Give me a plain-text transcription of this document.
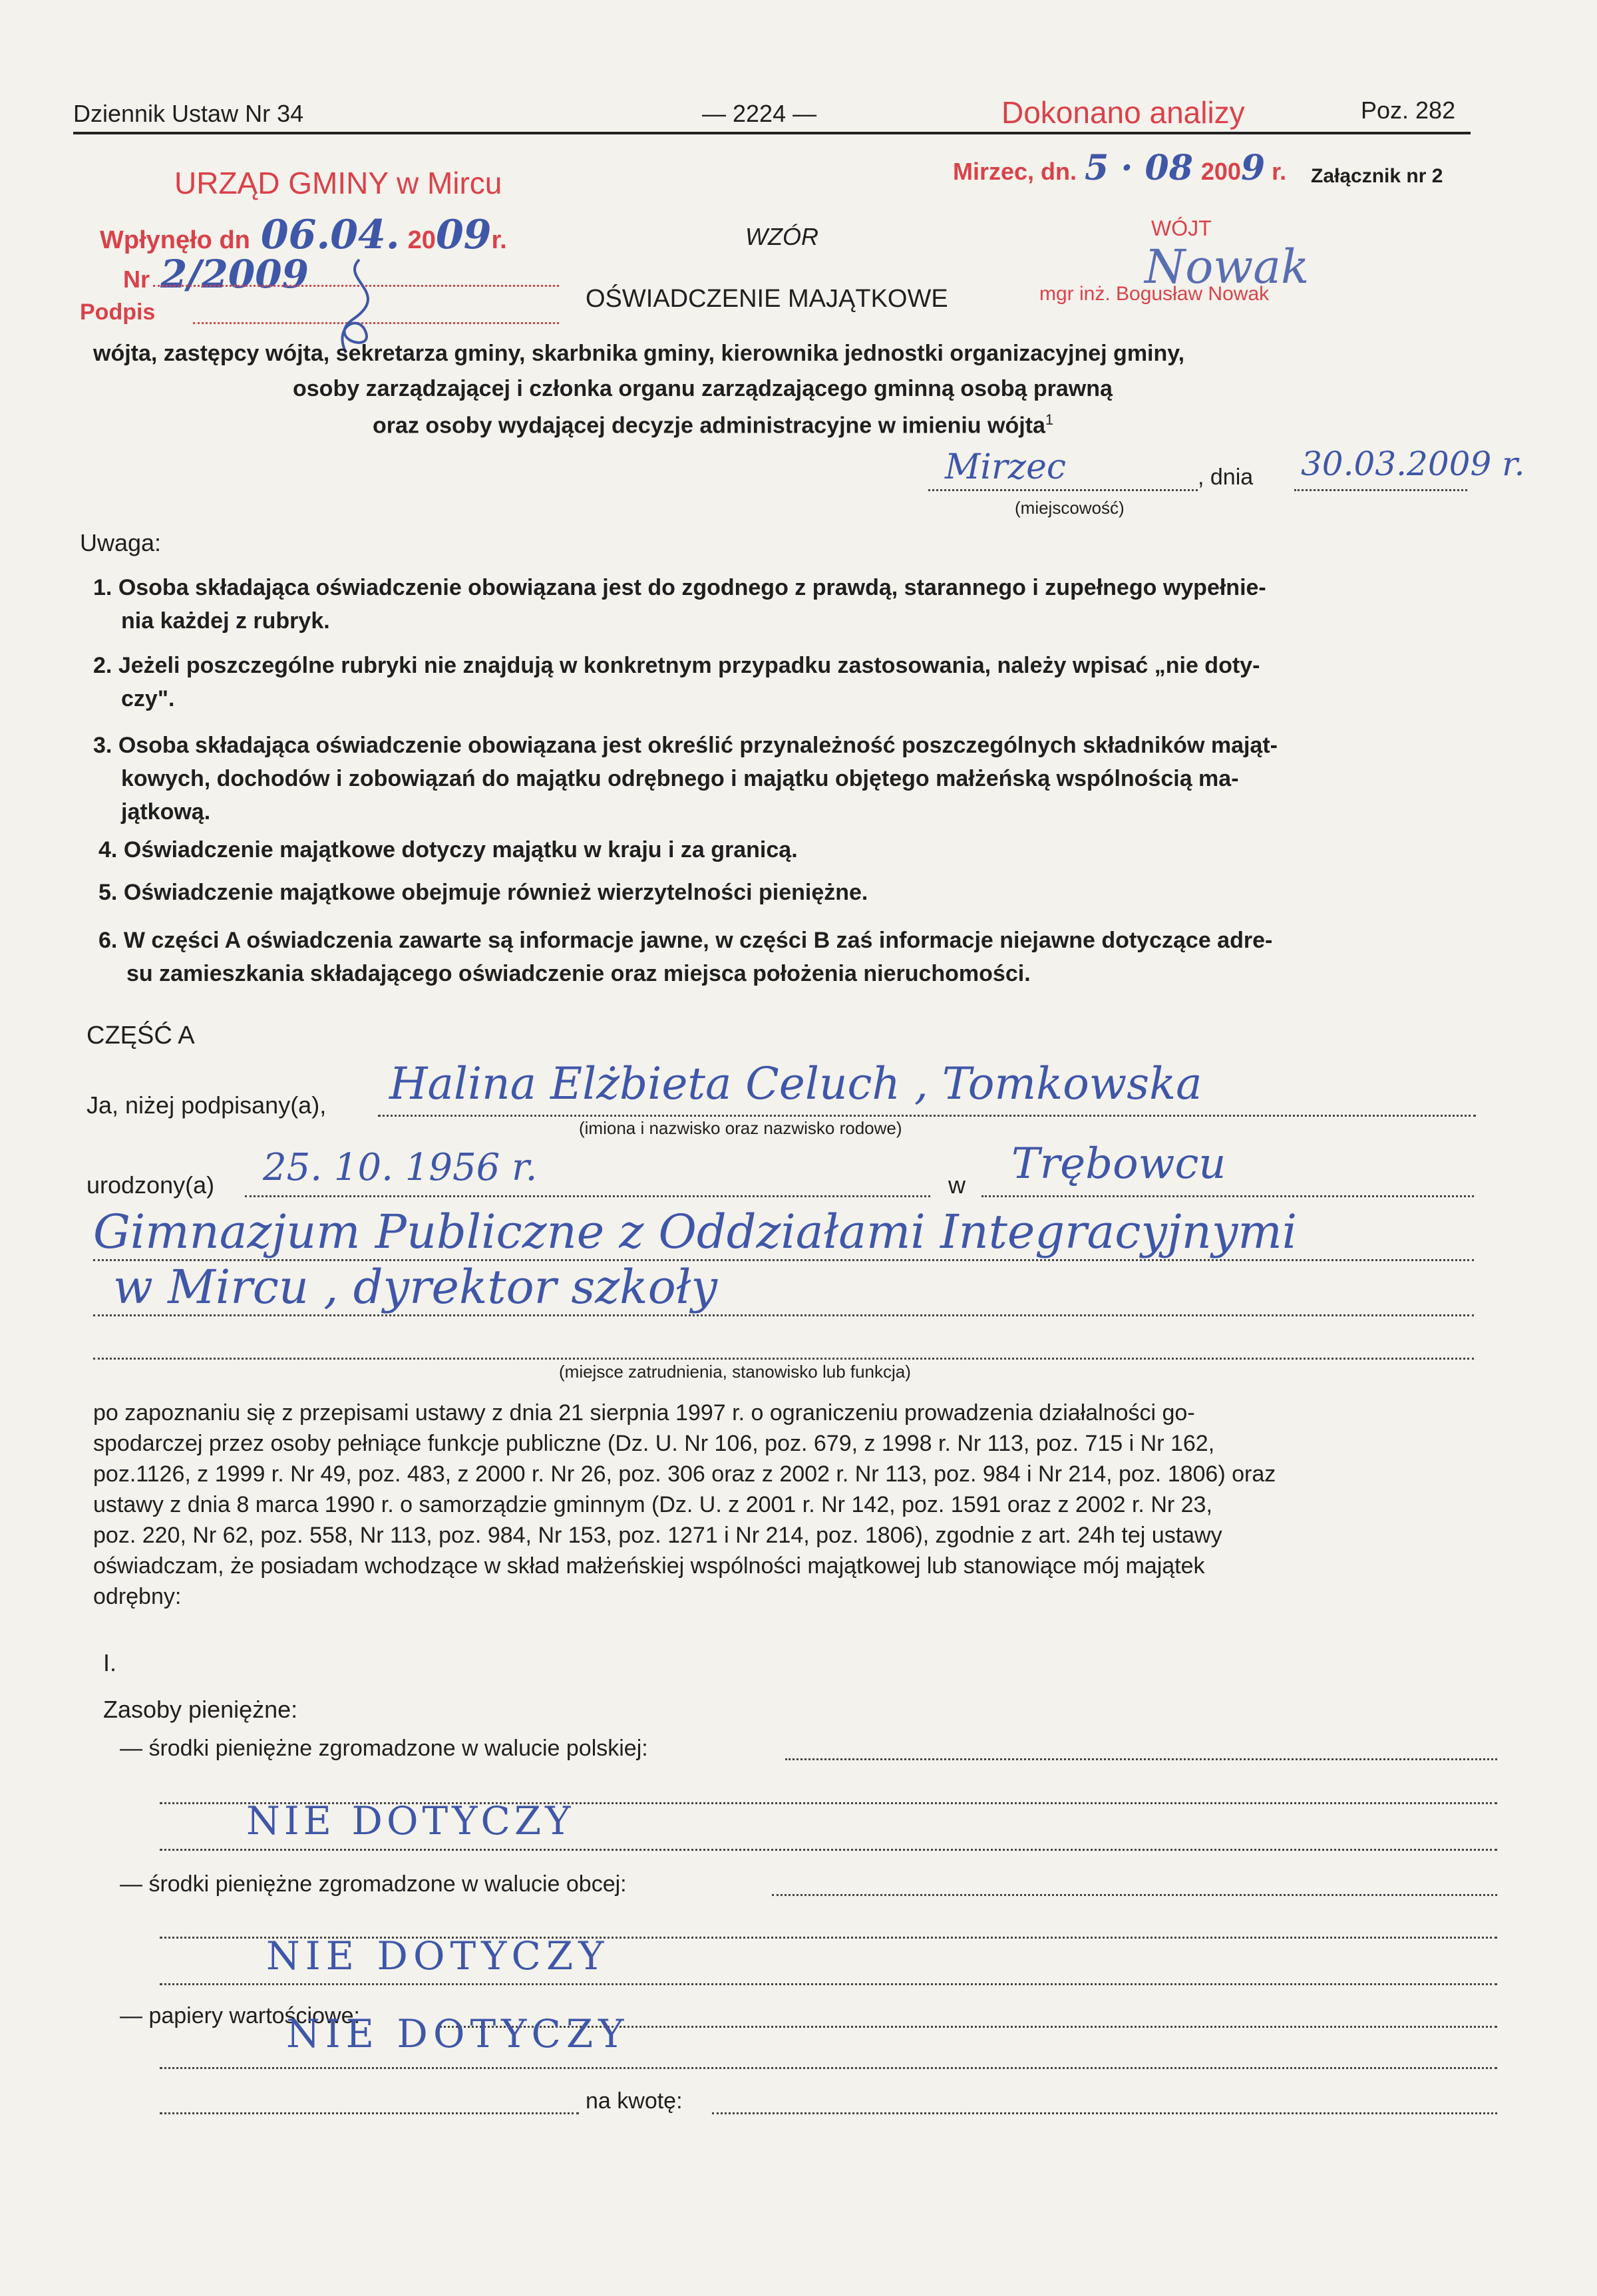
Dziennik Ustaw Nr 34	— 2224 —	Dokonano analizy	Poz. 282
Mirzec, dn. 5 · 08 2009 r. Załącznik nr 2
WÓJT
mgr inż. Bogusław Nowak
Nowak
URZĄD GMINY w Mircu
Wpłynęło dn 06.04. 2009r.
Nr 2/2009
Podpis
WZÓR
OŚWIADCZENIE MAJĄTKOWE
wójta, zastępcy wójta, sekretarza gminy, skarbnika gminy, kierownika jednostki organizacyjnej gminy,
osoby zarządzającej i członka organu zarządzającego gminną osobą prawną
oraz osoby wydającej decyzje administracyjne w imieniu wójta$^1$
Mirzec	, dnia 30.03.2009 r.
(miejscowość)
Uwaga:
1. Osoba składająca oświadczenie obowiązana jest do zgodnego z prawdą, starannego i zupełnego wypełnie-
nia każdej z rubryk.
2. Jeżeli poszczególne rubryki nie znajdują w konkretnym przypadku zastosowania, należy wpisać „nie doty-
czy".
3. Osoba składająca oświadczenie obowiązana jest określić przynależność poszczególnych składników mająt-
kowych, dochodów i zobowiązań do majątku odrębnego i majątku objętego małżeńską wspólnością ma-
jątkową.
4. Oświadczenie majątkowe dotyczy majątku w kraju i za granicą.
5. Oświadczenie majątkowe obejmuje również wierzytelności pieniężne.
6. W części A oświadczenia zawarte są informacje jawne, w części B zaś informacje niejawne dotyczące adre-
su zamieszkania składającego oświadczenie oraz miejsca położenia nieruchomości.
CZĘŚĆ A
Ja, niżej podpisany(a), Halina Elżbieta Celuch , Tomkowska
(imiona i nazwisko oraz nazwisko rodowe)
urodzony(a) 25. 10. 1956 r.	w Trębowcu
Gimnazjum Publiczne z Oddziałami Integracyjnymi
w Mircu , dyrektor szkoły
(miejsce zatrudnienia, stanowisko lub funkcja)

po zapoznaniu się z przepisami ustawy z dnia 21 sierpnia 1997 r. o ograniczeniu prowadzenia działalności go-

spodarczej przez osoby pełniące funkcje publiczne (Dz. U. Nr 106, poz. 679, z 1998 r. Nr 113, poz. 715 i Nr 162,

poz.1126, z 1999 r. Nr 49, poz. 483, z 2000 r. Nr 26, poz. 306 oraz z 2002 r. Nr 113, poz. 984 i Nr 214, poz. 1806) oraz

ustawy z dnia 8 marca 1990 r. o samorządzie gminnym (Dz. U. z 2001 r. Nr 142, poz. 1591 oraz z 2002 r. Nr 23,

poz. 220, Nr 62, poz. 558, Nr 113, poz. 984, Nr 153, poz. 1271 i Nr 214, poz. 1806), zgodnie z art. 24h tej ustawy

oświadczam, że posiadam wchodzące w skład małżeńskiej wspólności majątkowej lub stanowiące mój majątek

odrębny:

I.
Zasoby pieniężne:
— środki pieniężne zgromadzone w walucie polskiej:
NIE DOTYCZY
— środki pieniężne zgromadzone w walucie obcej:
NIE DOTYCZY
— papiery wartościowe:
NIE DOTYCZY
na kwotę:
